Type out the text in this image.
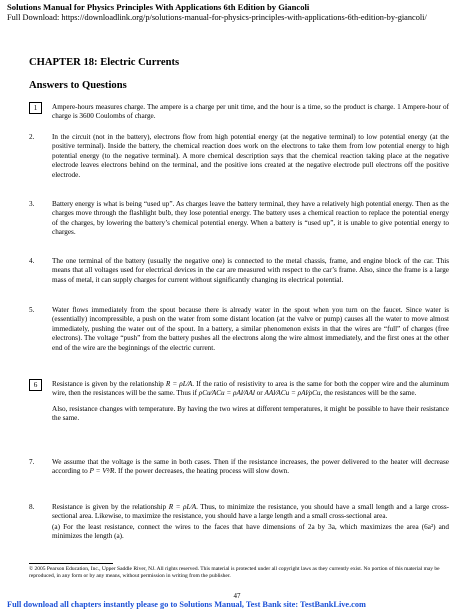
Solutions Manual for Physics Principles With Applications 6th Edition by Giancoli
Full Download: https://downloadlink.org/p/solutions-manual-for-physics-principles-with-applications-6th-edition-by-giancoli/
CHAPTER 18: Electric Currents
Answers to Questions
1	Ampere-hours measures charge. The ampere is a charge per unit time, and the hour is a time, so the product is charge. 1 Ampere-hour of charge is 3600 Coulombs of charge.

2.	In the circuit (not in the battery), electrons flow from high potential energy (at the negative terminal) to low potential energy (at the positive terminal). Inside the battery, the chemical reaction does work on the electrons to take them from low potential energy to high potential energy (to the negative terminal). A more chemical description says that the chemical reaction taking place at the negative electrode leaves electrons behind on the terminal, and the positive ions created at the negative electrode pull electrons off the positive electrode.

3.	Battery energy is what is being “used up”. As charges leave the battery terminal, they have a relatively high potential energy. Then as the charges move through the flashlight bulb, they lose potential energy. The battery uses a chemical reaction to replace the potential energy of the charges, by lowering the battery’s chemical potential energy. When a battery is “used up”, it is unable to give potential energy to charges.

4.	The one terminal of the battery (usually the negative one) is connected to the metal chassis, frame, and engine block of the car. This means that all voltages used for electrical devices in the car are measured with respect to the car’s frame. Also, since the frame is a large mass of metal, it can supply charges for current without significantly changing its electrical potential.

5.	Water flows immediately from the spout because there is already water in the spout when you turn on the faucet. Since water is (essentially) incompressible, a push on the water from some distant location (at the valve or pump) causes all the water to move almost immediately, pushing the water out of the spout. In a battery, a similar phenomenon exists in that the wires are “full” of charges (free electrons). The voltage “push” from the battery pushes all the electrons along the wire almost immediately, and the first ones at the other end of the wire are the beginnings of the electric current.

6	Resistance is given by the relationship R = ρL⁄A. If the ratio of resistivity to area is the same for both the copper wire and the aluminum wire, then the resistances will be the same. Thus if ρCu⁄ACu = ρAl⁄AAl or AAl⁄ACu = ρAl⁄ρCu, the resistances will be the same.

Also, resistance changes with temperature. By having the two wires at different temperatures, it might be possible to have their resistance the same.

7.	We assume that the voltage is the same in both cases. Then if the resistance increases, the power delivered to the heater will decrease according to P = V²⁄R. If the power decreases, the heating process will slow down.

8.	Resistance is given by the relationship R = ρL⁄A. Thus, to minimize the resistance, you should have a small length and a large cross-sectional area. Likewise, to maximize the resistance, you should have a large length and a small cross-sectional area.

(a) For the least resistance, connect the wires to the faces that have dimensions of 2a by 3a, which maximizes the area (6a²) and minimizes the length (a).

© 2005 Pearson Education, Inc., Upper Saddle River, NJ. All rights reserved. This material is protected under all copyright laws as they currently exist. No portion of this material may be reproduced, in any form or by any means, without permission in writing from the publisher.
Full download all chapters instantly please go to Solutions Manual, Test Bank site: TestBankLive.com
47
